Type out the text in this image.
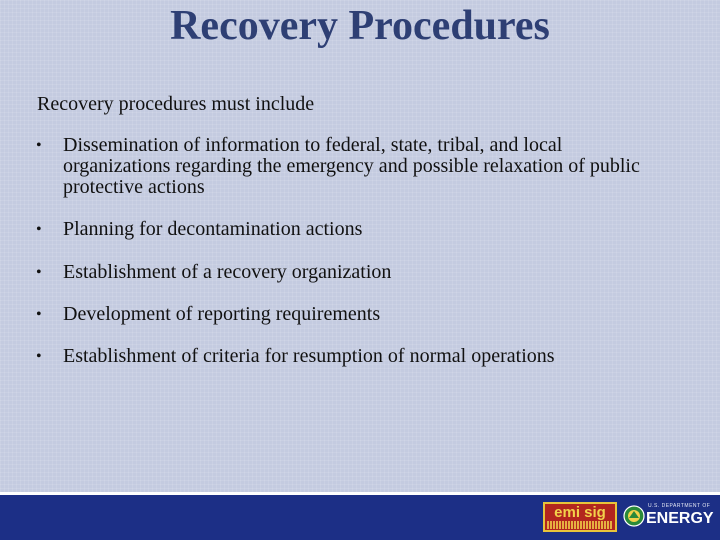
Recovery Procedures
Recovery procedures must include
• Dissemination of information to federal, state, tribal, and local organizations regarding the emergency and possible relaxation of public protective actions
• Planning for decontamination actions
• Establishment of a recovery organization
• Development of reporting requirements
• Establishment of criteria for resumption of normal operations
emi sig	U.S. DEPARTMENT OF
ENERGY
